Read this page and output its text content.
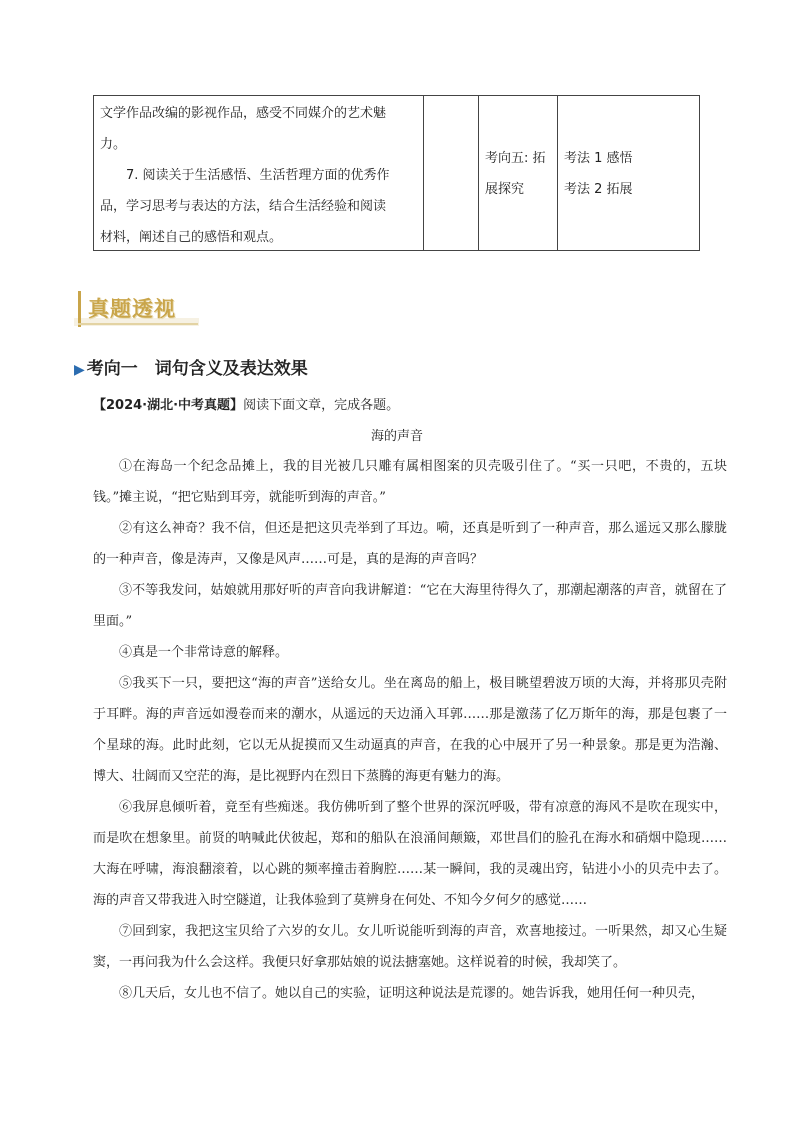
文学作品改编的影视作品，感受不同媒介的艺术魅
力。
7. 阅读关于生活感悟、生活哲理方面的优秀作
品，学习思考与表达的方法，结合生活经验和阅读
材料，阐述自己的感悟和观点。
考向五: 拓
展探究
考法 1 感悟
考法 2 拓展
真题透视
▶ 考向一　词句含义及表达效果
【2024·湖北·中考真题】阅读下面文章，完成各题。
海的声音
①在海岛一个纪念品摊上，我的目光被几只雕有属相图案的贝壳吸引住了。“买一只吧，不贵的，五块钱。”摊主说，“把它贴到耳旁，就能听到海的声音。”
②有这么神奇？我不信，但还是把这贝壳举到了耳边。嗬，还真是听到了一种声音，那么遥远又那么朦胧的一种声音，像是涛声，又像是风声……可是，真的是海的声音吗？
③不等我发问，姑娘就用那好听的声音向我讲解道：“它在大海里待得久了，那潮起潮落的声音，就留在了里面。”
④真是一个非常诗意的解释。
⑤我买下一只，要把这“海的声音”送给女儿。坐在离岛的船上，极目眺望碧波万顷的大海，并将那贝壳附于耳畔。海的声音远如漫卷而来的潮水，从遥远的天边涌入耳郭……那是激荡了亿万斯年的海，那是包裹了一个星球的海。此时此刻，它以无从捉摸而又生动逼真的声音，在我的心中展开了另一种景象。那是更为浩瀚、博大、壮阔而又空茫的海，是比视野内在烈日下蒸腾的海更有魅力的海。
⑥我屏息倾听着，竟至有些痴迷。我仿佛听到了整个世界的深沉呼吸，带有凉意的海风不是吹在现实中，而是吹在想象里。前贤的呐喊此伏彼起，郑和的船队在浪涌间颠簸，邓世昌们的脸孔在海水和硝烟中隐现……大海在呼啸，海浪翻滚着，以心跳的频率撞击着胸腔……某一瞬间，我的灵魂出窍，钻进小小的贝壳中去了。海的声音又带我进入时空隧道，让我体验到了莫辨身在何处、不知今夕何夕的感觉……
⑦回到家，我把这宝贝给了六岁的女儿。女儿听说能听到海的声音，欢喜地接过。一听果然，却又心生疑窦，一再问我为什么会这样。我便只好拿那姑娘的说法搪塞她。这样说着的时候，我却笑了。
⑧几天后，女儿也不信了。她以自己的实验，证明这种说法是荒谬的。她告诉我，她用任何一种贝壳，
